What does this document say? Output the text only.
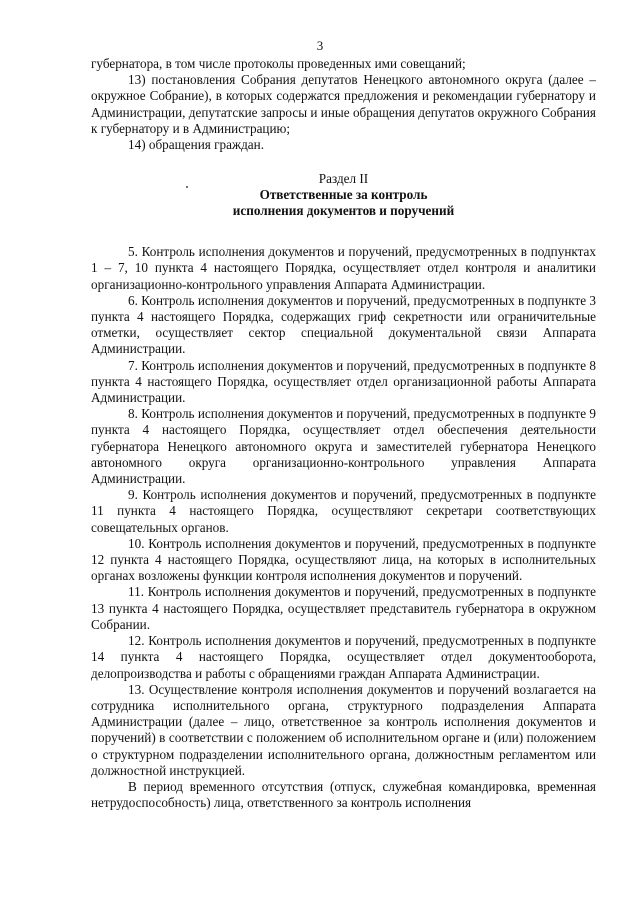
3

губернатора, в том числе протоколы проведенных ими совещаний;

13) постановления Собрания депутатов Ненецкого автономного округа (далее – окружное Собрание), в которых содержатся предложения и рекомендации губернатору и Администрации, депутатские запросы и иные обращения депутатов окружного Собрания к губернатору и в Администрацию;

14) обращения граждан.

Раздел II

Ответственные за контроль

исполнения документов и поручений

5. Контроль исполнения документов и поручений, предусмотренных в подпунктах 1 – 7, 10 пункта 4 настоящего Порядка, осуществляет отдел контроля и аналитики организационно-контрольного управления Аппарата Администрации.

6. Контроль исполнения документов и поручений, предусмотренных в подпункте 3 пункта 4 настоящего Порядка, содержащих гриф секретности или ограничительные отметки, осуществляет сектор специальной документальной связи Аппарата Администрации.

7. Контроль исполнения документов и поручений, предусмотренных в подпункте 8 пункта 4 настоящего Порядка, осуществляет отдел организационной работы Аппарата Администрации.

8. Контроль исполнения документов и поручений, предусмотренных в подпункте 9 пункта 4 настоящего Порядка, осуществляет отдел обеспечения деятельности губернатора Ненецкого автономного округа и заместителей губернатора Ненецкого автономного округа организационно-контрольного управления Аппарата Администрации.

9. Контроль исполнения документов и поручений, предусмотренных в подпункте 11 пункта 4 настоящего Порядка, осуществляют секретари соответствующих совещательных органов.

10. Контроль исполнения документов и поручений, предусмотренных в подпункте 12 пункта 4 настоящего Порядка, осуществляют лица, на которых в исполнительных органах возложены функции контроля исполнения документов и поручений.

11. Контроль исполнения документов и поручений, предусмотренных в подпункте 13 пункта 4 настоящего Порядка, осуществляет представитель губернатора в окружном Собрании.

12. Контроль исполнения документов и поручений, предусмотренных в подпункте 14 пункта 4 настоящего Порядка, осуществляет отдел документооборота, делопроизводства и работы с обращениями граждан Аппарата Администрации.

13. Осуществление контроля исполнения документов и поручений возлагается на сотрудника исполнительного органа, структурного подразделения Аппарата Администрации (далее – лицо, ответственное за контроль исполнения документов и поручений) в соответствии с положением об исполнительном органе и (или) положением о структурном подразделении исполнительного органа, должностным регламентом или должностной инструкцией.

В период временного отсутствия (отпуск, служебная командировка, временная нетрудоспособность) лица, ответственного за контроль исполнения
